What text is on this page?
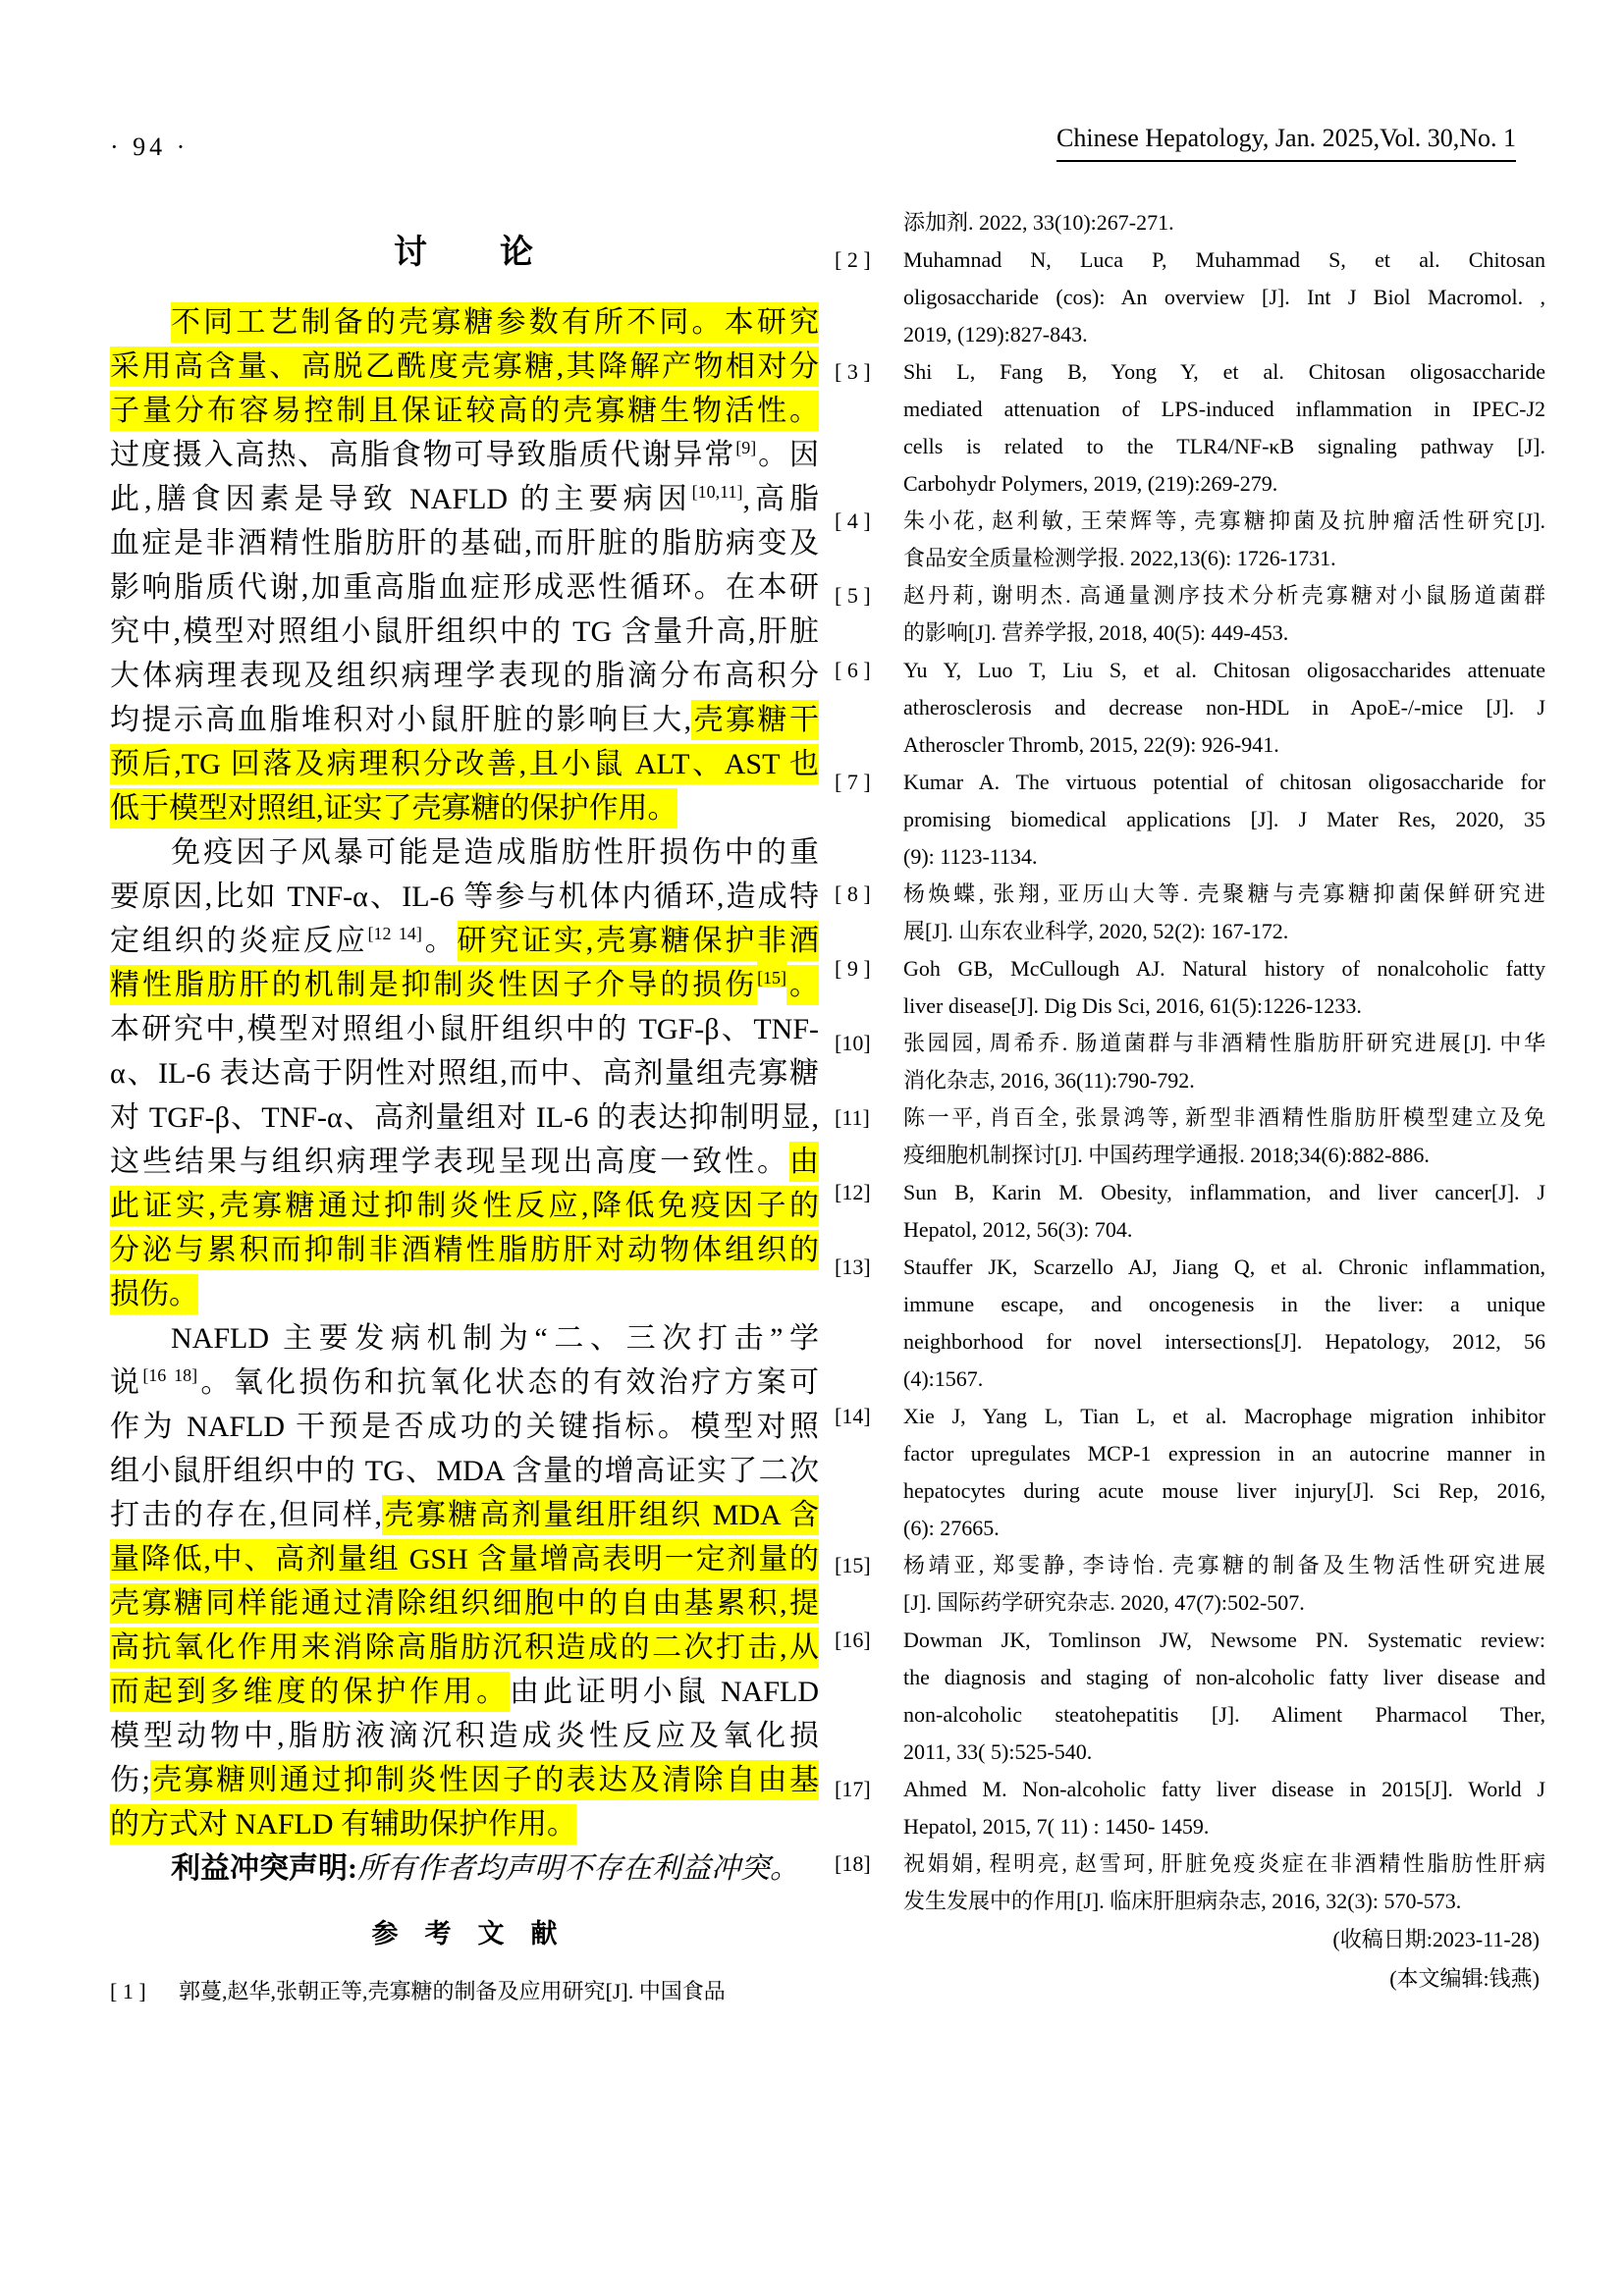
· 94 ·	Chinese Hepatology, Jan. 2025,Vol. 30,No. 1
讨　　论
不同工艺制备的壳寡糖参数有所不同。本研究
采用高含量、高脱乙酰度壳寡糖,其降解产物相对分
子量分布容易控制且保证较高的壳寡糖生物活性。
过度摄入高热、高脂食物可导致脂质代谢异常[9]。因
此,膳食因素是导致 NAFLD 的主要病因[10,11],高脂
血症是非酒精性脂肪肝的基础,而肝脏的脂肪病变及
影响脂质代谢,加重高脂血症形成恶性循环。在本研
究中,模型对照组小鼠肝组织中的 TG 含量升高,肝脏
大体病理表现及组织病理学表现的脂滴分布高积分
均提示高血脂堆积对小鼠肝脏的影响巨大,壳寡糖干
预后,TG 回落及病理积分改善,且小鼠 ALT、AST 也
低于模型对照组,证实了壳寡糖的保护作用。
免疫因子风暴可能是造成脂肪性肝损伤中的重
要原因,比如 TNF-α、IL-6 等参与机体内循环,造成特
定组织的炎症反应[12 14]。研究证实,壳寡糖保护非酒
精性脂肪肝的机制是抑制炎性因子介导的损伤[15]。
本研究中,模型对照组小鼠肝组织中的 TGF-β、TNF-
α、IL-6 表达高于阴性对照组,而中、高剂量组壳寡糖
对 TGF-β、TNF-α、高剂量组对 IL-6 的表达抑制明显,
这些结果与组织病理学表现呈现出高度一致性。由
此证实,壳寡糖通过抑制炎性反应,降低免疫因子的
分泌与累积而抑制非酒精性脂肪肝对动物体组织的
损伤。
NAFLD 主要发病机制为“二、三次打击”学
说[16 18]。氧化损伤和抗氧化状态的有效治疗方案可
作为 NAFLD 干预是否成功的关键指标。模型对照
组小鼠肝组织中的 TG、MDA 含量的增高证实了二次
打击的存在,但同样,壳寡糖高剂量组肝组织 MDA 含
量降低,中、高剂量组 GSH 含量增高表明一定剂量的
壳寡糖同样能通过清除组织细胞中的自由基累积,提
高抗氧化作用来消除高脂肪沉积造成的二次打击,从
而起到多维度的保护作用。由此证明小鼠 NAFLD
模型动物中,脂肪液滴沉积造成炎性反应及氧化损
伤;壳寡糖则通过抑制炎性因子的表达及清除自由基
的方式对 NAFLD 有辅助保护作用。
利益冲突声明:所有作者均声明不存在利益冲突。
参　考　文　献
[ 1 ]	郭蔓,赵华,张朝正等,壳寡糖的制备及应用研究[J]. 中国食品
添加剂. 2022, 33(10):267-271.
[ 2 ]	Muhamnad N, Luca P, Muhammad S, et al. Chitosan
oligosaccharide (cos): An overview [J]. Int J Biol Macromol. ,
2019, (129):827-843.
[ 3 ]	Shi L, Fang B, Yong Y, et al. Chitosan oligosaccharide
mediated attenuation of LPS-induced inflammation in IPEC-J2
cells is related to the TLR4/NF-κB signaling pathway [J].
Carbohydr Polymers, 2019, (219):269-279.
[ 4 ]	朱小花, 赵利敏, 王荣辉等, 壳寡糖抑菌及抗肿瘤活性研究[J].
食品安全质量检测学报. 2022,13(6): 1726-1731.
[ 5 ]	赵丹莉, 谢明杰. 高通量测序技术分析壳寡糖对小鼠肠道菌群
的影响[J]. 营养学报, 2018, 40(5): 449-453.
[ 6 ]	Yu Y, Luo T, Liu S, et al. Chitosan oligosaccharides attenuate
atherosclerosis and decrease non-HDL in ApoE-/-mice [J]. J
Atheroscler Thromb, 2015, 22(9): 926-941.
[ 7 ]	Kumar A. The virtuous potential of chitosan oligosaccharide for
promising biomedical applications [J]. J Mater Res, 2020, 35
(9): 1123-1134.
[ 8 ]	杨焕蝶, 张翔, 亚历山大等. 壳聚糖与壳寡糖抑菌保鲜研究进
展[J]. 山东农业科学, 2020, 52(2): 167-172.
[ 9 ]	Goh GB, McCullough AJ. Natural history of nonalcoholic fatty
liver disease[J]. Dig Dis Sci, 2016, 61(5):1226-1233.
[10]	张园园, 周希乔. 肠道菌群与非酒精性脂肪肝研究进展[J]. 中华
消化杂志, 2016, 36(11):790-792.
[11]	陈一平, 肖百全, 张景鸿等, 新型非酒精性脂肪肝模型建立及免
疫细胞机制探讨[J]. 中国药理学通报. 2018;34(6):882-886.
[12]	Sun B, Karin M. Obesity, inflammation, and liver cancer[J]. J
Hepatol, 2012, 56(3): 704.
[13]	Stauffer JK, Scarzello AJ, Jiang Q, et al. Chronic inflammation,
immune escape, and oncogenesis in the liver: a unique
neighborhood for novel intersections[J]. Hepatology, 2012, 56
(4):1567.
[14]	Xie J, Yang L, Tian L, et al. Macrophage migration inhibitor
factor upregulates MCP-1 expression in an autocrine manner in
hepatocytes during acute mouse liver injury[J]. Sci Rep, 2016,
(6): 27665.
[15]	杨靖亚, 郑雯静, 李诗怡. 壳寡糖的制备及生物活性研究进展
[J]. 国际药学研究杂志. 2020, 47(7):502-507.
[16]	Dowman JK, Tomlinson JW, Newsome PN. Systematic review:
the diagnosis and staging of non-alcoholic fatty liver disease and
non-alcoholic steatohepatitis [J]. Aliment Pharmacol Ther,
2011, 33( 5):525-540.
[17]	Ahmed M. Non-alcoholic fatty liver disease in 2015[J]. World J
Hepatol, 2015, 7( 11) : 1450- 1459.
[18]	祝娟娟, 程明亮, 赵雪珂, 肝脏免疫炎症在非酒精性脂肪性肝病
发生发展中的作用[J]. 临床肝胆病杂志, 2016, 32(3): 570-573.
(收稿日期:2023-11-28)
(本文编辑:钱燕)
